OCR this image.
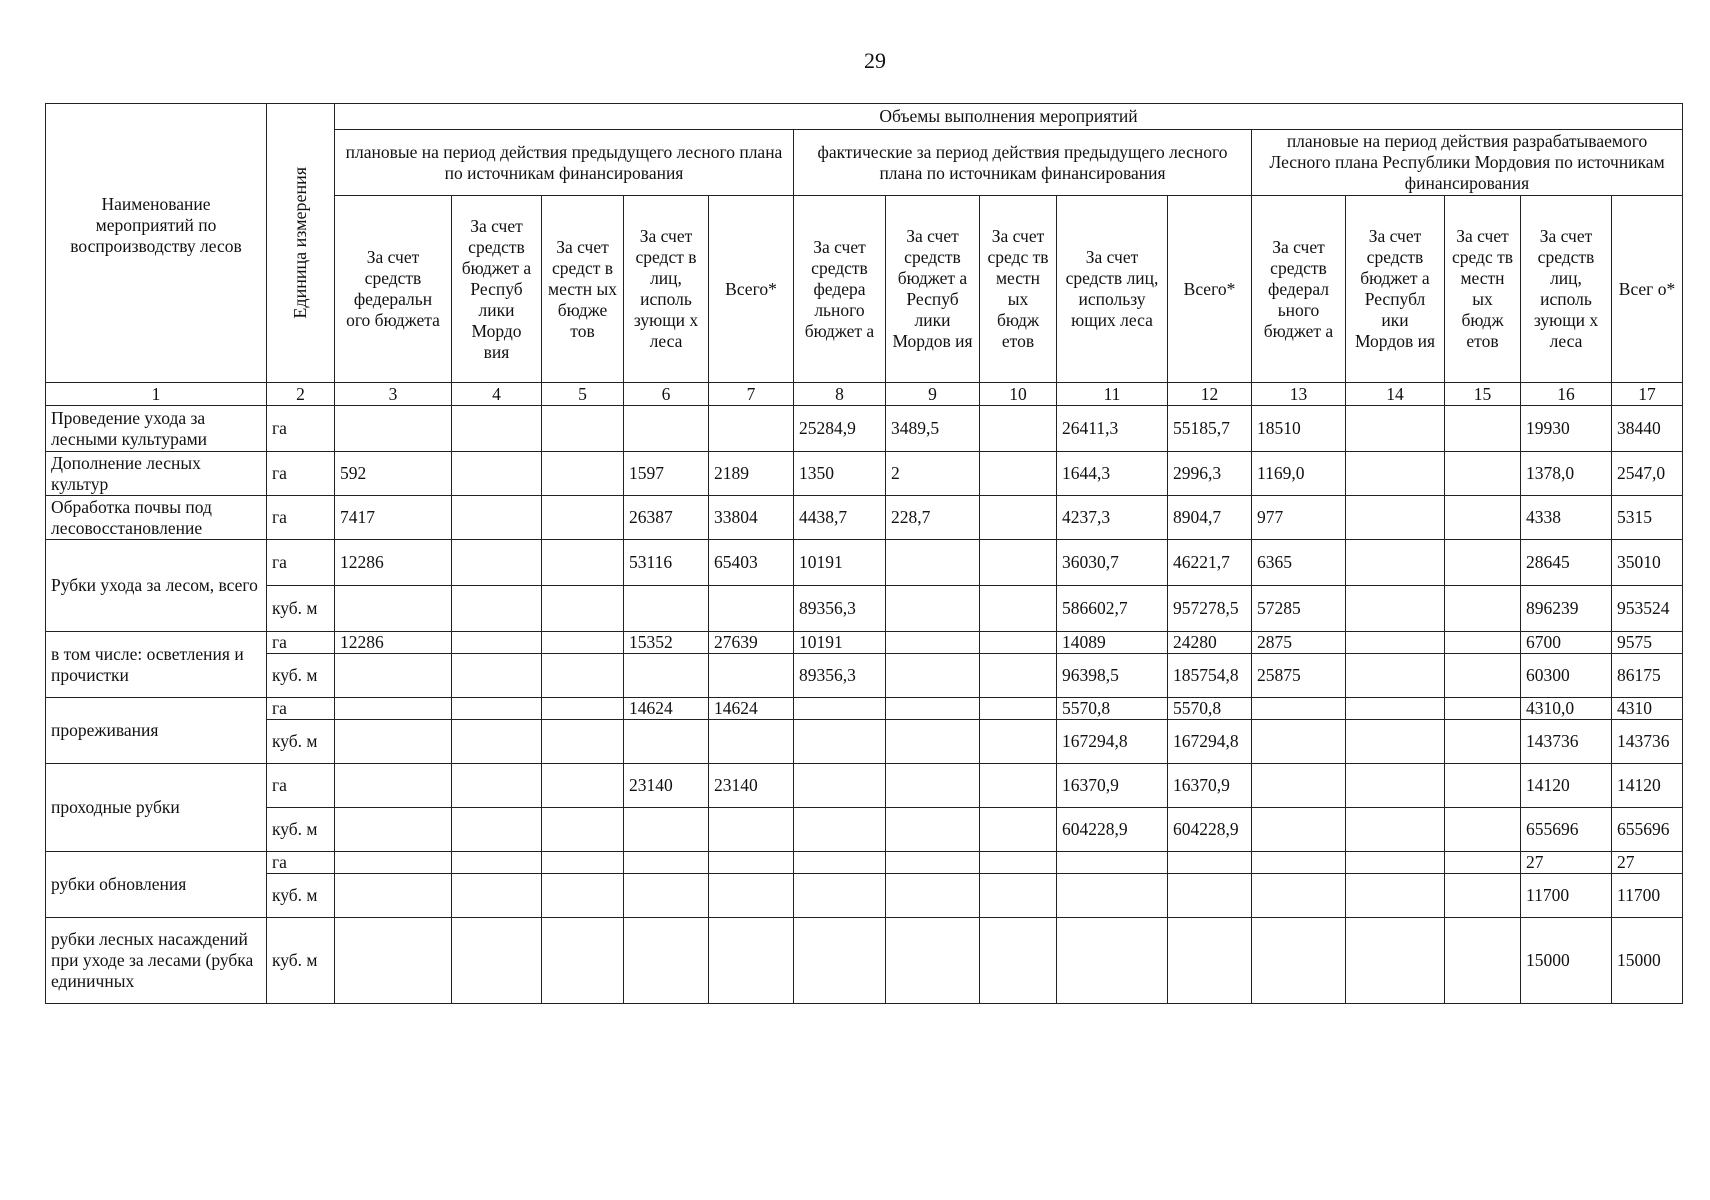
29
Наименование мероприятий по воспроизводству лесов	Единица измерения	Объемы выполнения мероприятий														
		плановые на период действия предыдущего лесного плана по источникам финансирования					фактические за период действия предыдущего лесного плана по источникам финансирования					плановые на период действия разрабатываемого Лесного плана Республики Мордовия по источникам финансирования				
		За счет средств федеральн ого бюджета	За счет средств бюджет а Респуб лики Мордо вия	За счет средст в местн ых бюдже тов	За счет средст в лиц, исполь зующи х леса	Всего*	За счет средств федера льного бюджет а	За счет средств бюджет а Респуб лики Мордов ия	За счет средс тв местн ых бюдж етов	За счет средств лиц, использу ющих леса	Всего*	За счет средств федерал ьного бюджет а	За счет средств бюджет а Республ ики Мордов ия	За счет средс тв местн ых бюдж етов	За счет средств лиц, исполь зующи х леса	Всег о*
1	2	3	4	5	6	7	8	9	10	11	12	13	14	15	16	17
Проведение ухода за лесными культурами	га						25284,9	3489,5		26411,3	55185,7	18510			19930	38440
Дополнение лесных культур	га	592			1597	2189	1350	2		1644,3	2996,3	1169,0			1378,0	2547,0
Обработка почвы под лесовосстановление	га	7417			26387	33804	4438,7	228,7		4237,3	8904,7	977			4338	5315
Рубки ухода за лесом, всего	га	12286			53116	65403	10191			36030,7	46221,7	6365			28645	35010
	куб. м						89356,3			586602,7	957278,5	57285			896239	953524
в том числе: осветления и прочистки	га	12286			15352	27639	10191			14089	24280	2875			6700	9575
	куб. м						89356,3			96398,5	185754,8	25875			60300	86175
прореживания	га				14624	14624				5570,8	5570,8				4310,0	4310
	куб. м									167294,8	167294,8				143736	143736
проходные рубки	га				23140	23140				16370,9	16370,9				14120	14120
	куб. м									604228,9	604228,9				655696	655696
рубки обновления	га														27	27
	куб. м														11700	11700
рубки лесных насаждений при уходе за лесами (рубка единичных	куб. м														15000	15000
